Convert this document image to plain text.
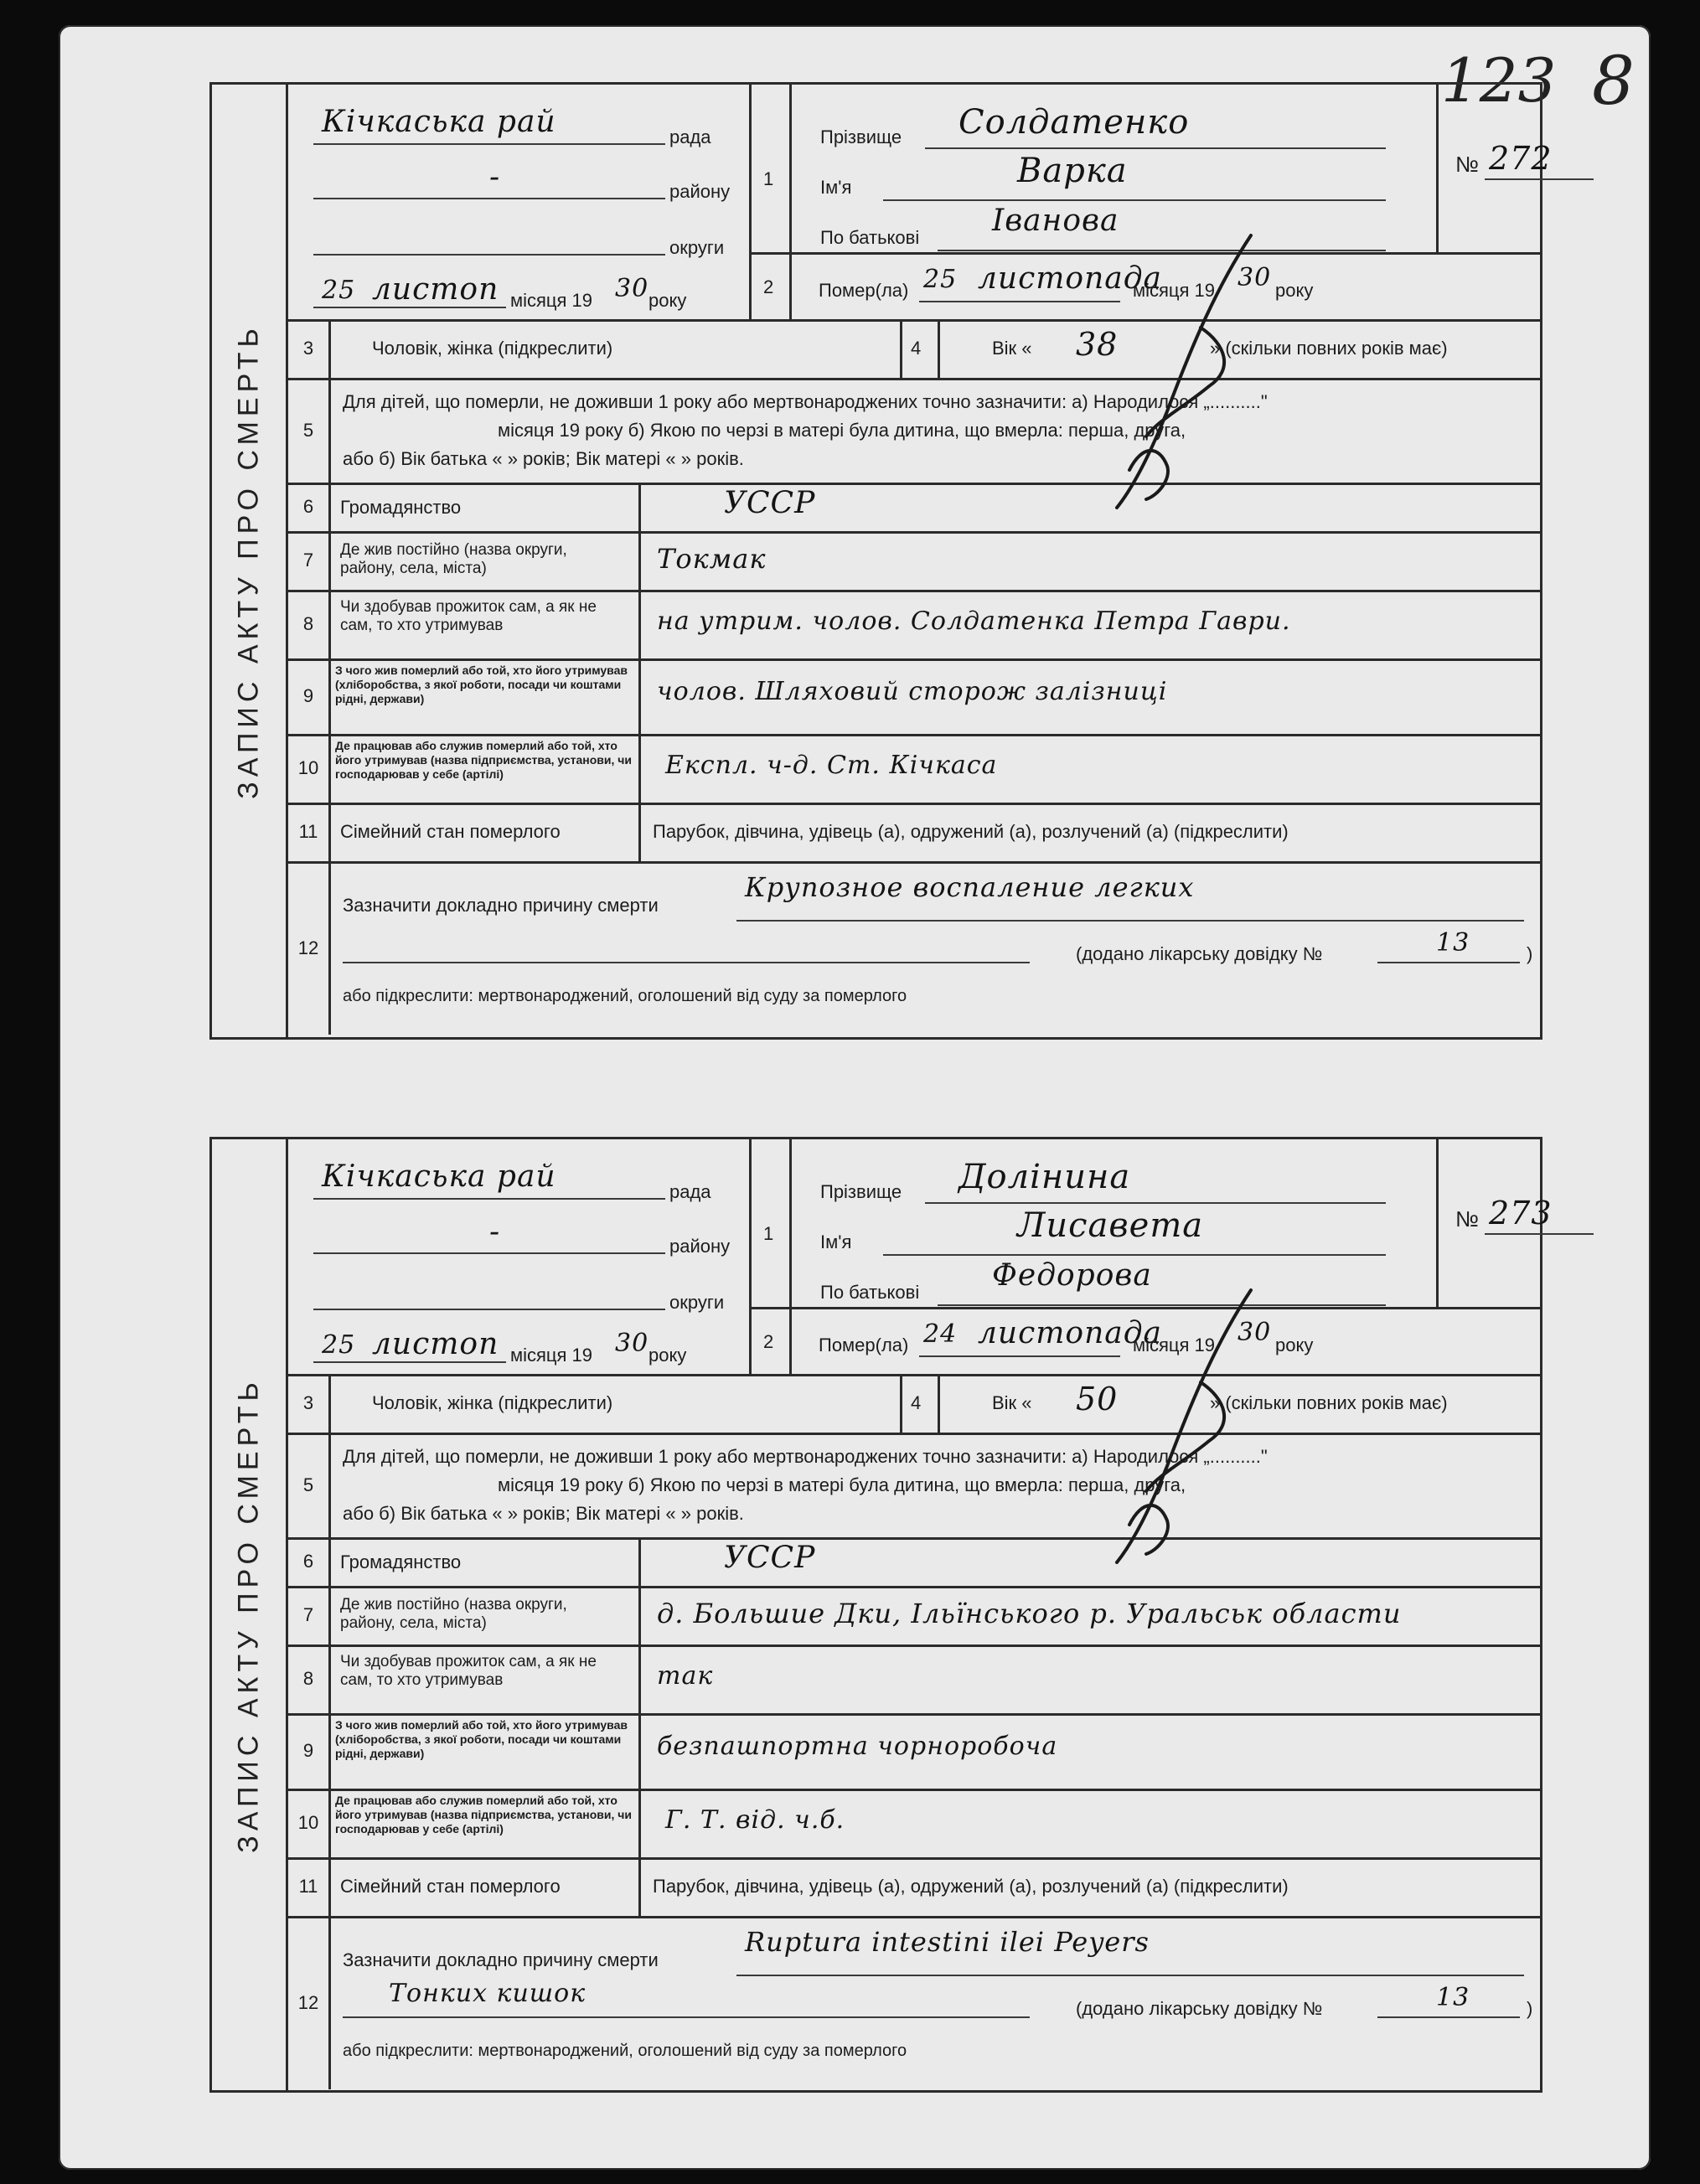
123 8
ЗАПИС АКТУ ПРО СМЕРТЬ
Кічкаська рай	рада
-	району
округи
25 листоп місяця 19 30 року
1
Прізвище Солдатенко
Ім'я	Варка
По батькові Іванова
№ 272
2 Помер(ла) 25 листопада
місяця 19 30 року
3	Чоловік, жінка (підкреслити)	4	Вік « 38	» (скільки повних років має)
5
Для дітей, що померли, не доживши 1 року або мертвонароджених точно зазначити: а) Народилося „.........."
місяця 19 року б) Якою по черзі в матері була дитина, що вмерла: перша, друга,
або б) Вік батька « » років; Вік матері « » років.
6	Громадянство	УССР
7	Де жив постійно (назва округи, району, села, міста)	Токмак
8
Чи здобував прожиток сам, а як не сам, то хто утримував	на утрим. чолов. Солдатенка Петра Гаври.
9
З чого жив померлий або той, хто його утримував (хліборобства, з якої роботи, посади чи коштами рідні, держави)	чолов. Шляховий сторож залізниці
10
Де працював або служив померлий або той, хто його утримував (назва підприємства, установи, чи господарював у себе (артілі)	Експл. ч-д. Ст. Кічкаса
11	Сімейний стан померлого	Парубок, дівчина, удівець (а), одружений (а), розлучений (а) (підкреслити)
12
Зазначити докладно причину смерти
Крупозное воспаление легких
(додано лікарську довідку №	13	)
або підкреслити: мертвонароджений, оголошений від суду за померлого
ЗАПИС АКТУ ПРО СМЕРТЬ
Кічкаська рай	рада
-	району
округи
25 листоп місяця 19 30 року
1
Прізвище Долінина
Ім'я	Лисавета
По батькові Федорова
№ 273
2 Помер(ла) 24 листопада
місяця 19 30 року
3	Чоловік, жінка (підкреслити)	4	Вік « 50	» (скільки повних років має)
5
Для дітей, що померли, не доживши 1 року або мертвонароджених точно зазначити: а) Народилося „.........."
місяця 19 року б) Якою по черзі в матері була дитина, що вмерла: перша, друга,
або б) Вік батька « » років; Вік матері « » років.
6	Громадянство	УССР
7	Де жив постійно (назва округи, району, села, міста)	д. Большие Дки, Ільїнського р. Уральськ области
8
Чи здобував прожиток сам, а як не сам, то хто утримував	так
9
З чого жив померлий або той, хто його утримував (хліборобства, з якої роботи, посади чи коштами рідні, держави)	безпашпортна чорноробоча
10
Де працював або служив померлий або той, хто його утримував (назва підприємства, установи, чи господарював у себе (артілі)	Г. Т. від. ч.б.
11	Сімейний стан померлого	Парубок, дівчина, удівець (а), одружений (а), розлучений (а) (підкреслити)
12
Зазначити докладно причину смерти
Ruptura intestini ilei Peyers
Тонких кишок
(додано лікарську довідку №	13	)
або підкреслити: мертвонароджений, оголошений від суду за померлого
